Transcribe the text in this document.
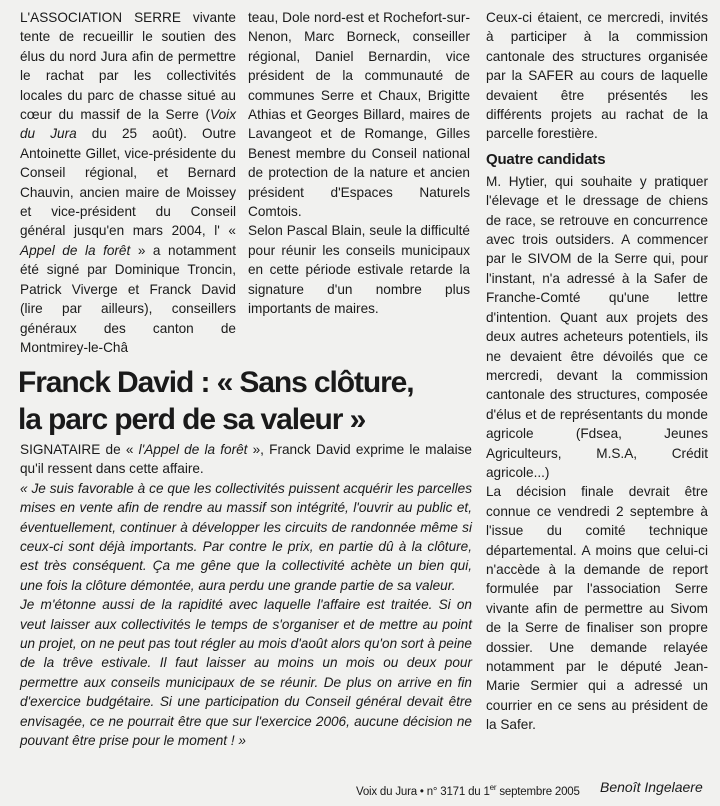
L'ASSOCIATION SERRE vivante tente de recueillir le soutien des élus du nord Jura afin de permettre le rachat par les collectivités locales du parc de chasse situé au cœur du massif de la Serre (Voix du Jura du 25 août). Outre Antoinette Gillet, vice-présidente du Conseil régional, et Bernard Chauvin, ancien maire de Moissey et vice-président du Conseil général jusqu'en mars 2004, l' « Appel de la forêt » a notamment été signé par Dominique Troncin, Patrick Viverge et Franck David (lire par ailleurs), conseillers généraux des canton de Montmirey-le-Châ

teau, Dole nord-est et Rochefort-sur-Nenon, Marc Borneck, conseiller régional, Daniel Bernardin, vice président de la communauté de communes Serre et Chaux, Brigitte Athias et Georges Billard, maires de Lavangeot et de Romange, Gilles Benest membre du Conseil national de protection de la nature et ancien président d'Espaces Naturels Comtois.

Selon Pascal Blain, seule la difficulté pour réunir les conseils municipaux en cette période estivale retarde la signature d'un nombre plus importants de maires.

Ceux-ci étaient, ce mercredi, invités à participer à la commission cantonale des structures organisée par la SAFER au cours de laquelle devaient être présentés les différents projets au rachat de la parcelle forestière.

Quatre candidats

M. Hytier, qui souhaite y pratiquer l'élevage et le dressage de chiens de race, se retrouve en concurrence avec trois outsiders. A commencer par le SIVOM de la Serre qui, pour l'instant, n'a adressé à la Safer de Franche-Comté qu'une lettre d'intention. Quant aux projets des deux autres acheteurs potentiels, ils ne devaient être dévoilés que ce mercredi, devant la commission cantonale des structures, composée d'élus et de représentants du monde agricole (Fdsea, Jeunes Agriculteurs, M.S.A, Crédit agricole...)

La décision finale devrait être connue ce vendredi 2 septembre à l'issue du comité technique départemental. A moins que celui-ci n'accède à la demande de report formulée par l'association Serre vivante afin de permettre au Sivom de la Serre de finaliser son propre dossier. Une demande relayée notamment par le député Jean-Marie Sermier qui a adressé un courrier en ce sens au président de la Safer.

Franck David : « Sans clôture,
la parc perd de sa valeur »

SIGNATAIRE de « l'Appel de la forêt », Franck David exprime le malaise qu'il ressent dans cette affaire.

« Je suis favorable à ce que les collectivités puissent acquérir les parcelles mises en vente afin de rendre au massif son intégrité, l'ouvrir au public et, éventuellement, continuer à développer les circuits de randonnée même si ceux-ci sont déjà importants. Par contre le prix, en partie dû à la clôture, est très conséquent. Ça me gêne que la collectivité achète un bien qui, une fois la clôture démontée, aura perdu une grande partie de sa valeur.

Je m'étonne aussi de la rapidité avec laquelle l'affaire est traitée. Si on veut laisser aux collectivités le temps de s'organiser et de mettre au point un projet, on ne peut pas tout régler au mois d'août alors qu'on sort à peine de la trêve estivale. Il faut laisser au moins un mois ou deux pour permettre aux conseils municipaux de se réunir. De plus on arrive en fin d'exercice budgétaire. Si une participation du Conseil général devait être envisagée, ce ne pourrait être que sur l'exercice 2006, aucune décision ne pouvant être prise pour le moment ! »

Voix du Jura • n° 3171 du 1er septembre 2005 Benoît Ingelaere
